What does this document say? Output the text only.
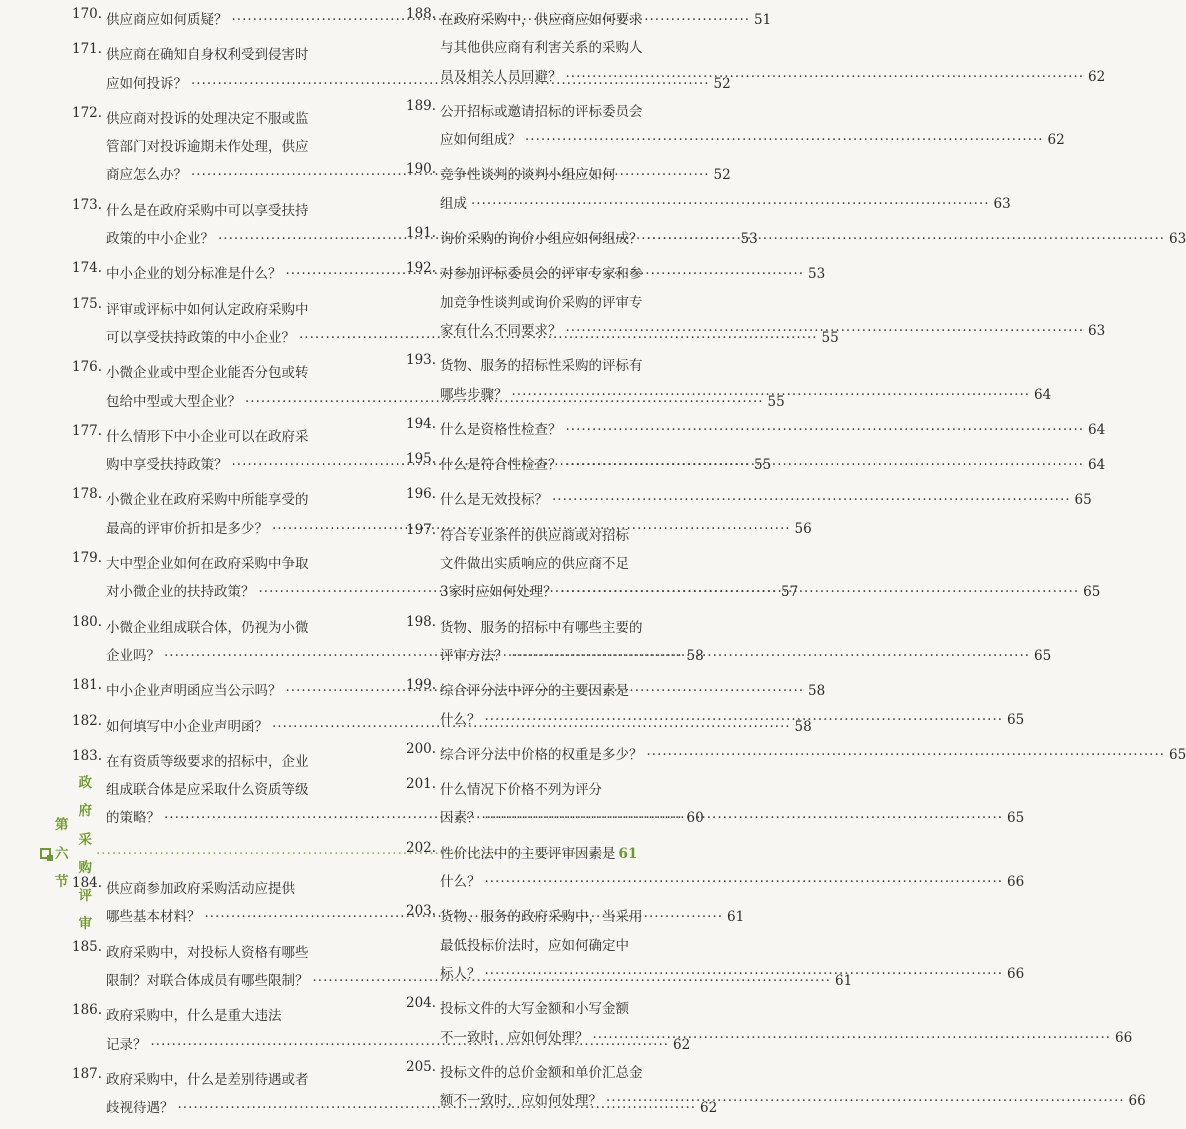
170. 供应商应如何质疑？ ·····	51
171. 供应商在确知自身权利受到侵害时
应如何投诉？ ·····	52
172. 供应商对投诉的处理决定不服或监
管部门对投诉逾期未作处理，供应
商应怎么办？ ·····	52
173. 什么是在政府采购中可以享受扶持
政策的中小企业？ ·····	53
174. 中小企业的划分标准是什么？ ·····	53
175. 评审或评标中如何认定政府采购中
可以享受扶持政策的中小企业？ ·····	55
176. 小微企业或中型企业能否分包或转
包给中型或大型企业？ ·····	55
177. 什么情形下中小企业可以在政府采
购中享受扶持政策？ ·····	55
178. 小微企业在政府采购中所能享受的
最高的评审价折扣是多少？ ·····	56
179. 大中型企业如何在政府采购中争取
对小微企业的扶持政策？ ·····	57
180. 小微企业组成联合体，仍视为小微
企业吗？ ·····	58
181. 中小企业声明函应当公示吗？ ·····	58
182. 如何填写中小企业声明函？ ·····	58
183. 在有资质等级要求的招标中，企业
组成联合体是应采取什么资质等级
的策略？ ·····	60
第六节
政府采购评审
·····
61
184. 供应商参加政府采购活动应提供
哪些基本材料？ ·····	61
185. 政府采购中，对投标人资格有哪些
限制？对联合体成员有哪些限制？ ·····	61
186. 政府采购中，什么是重大违法
记录？ ·····	62
187. 政府采购中，什么是差别待遇或者
歧视待遇？ ·····	62
188. 在政府采购中，供应商应如何要求
与其他供应商有利害关系的采购人
员及相关人员回避？ ·····	62
189. 公开招标或邀请招标的评标委员会
应如何组成？ ·····	62
190. 竞争性谈判的谈判小组应如何
组成 ·····	63
191. 询价采购的询价小组应如何组成？ ·····	63
192. 对参加评标委员会的评审专家和参
加竞争性谈判或询价采购的评审专
家有什么不同要求？ ·····	63
193. 货物、服务的招标性采购的评标有
哪些步骤？ ·····	64
194. 什么是资格性检查？ ·····	64
195. 什么是符合性检查？ ·····	64
196. 什么是无效投标？ ·····	65
197. 符合专业条件的供应商或对招标
文件做出实质响应的供应商不足
3家时应如何处理？ ·····	65
198. 货物、服务的招标中有哪些主要的
评审方法？ ·····	65
199. 综合评分法中评分的主要因素是
什么？ ·····	65
200. 综合评分法中价格的权重是多少？ ·····	65
201. 什么情况下价格不列为评分
因素？ ·····	65
202. 性价比法中的主要评审因素是
什么？ ·····	66
203. 货物、服务的政府采购中，当采用
最低投标价法时，应如何确定中
标人？ ·····	66
204. 投标文件的大写金额和小写金额
不一致时，应如何处理？ ·····	66
205. 投标文件的总价金额和单价汇总金
额不一致时，应如何处理？ ·····	66
